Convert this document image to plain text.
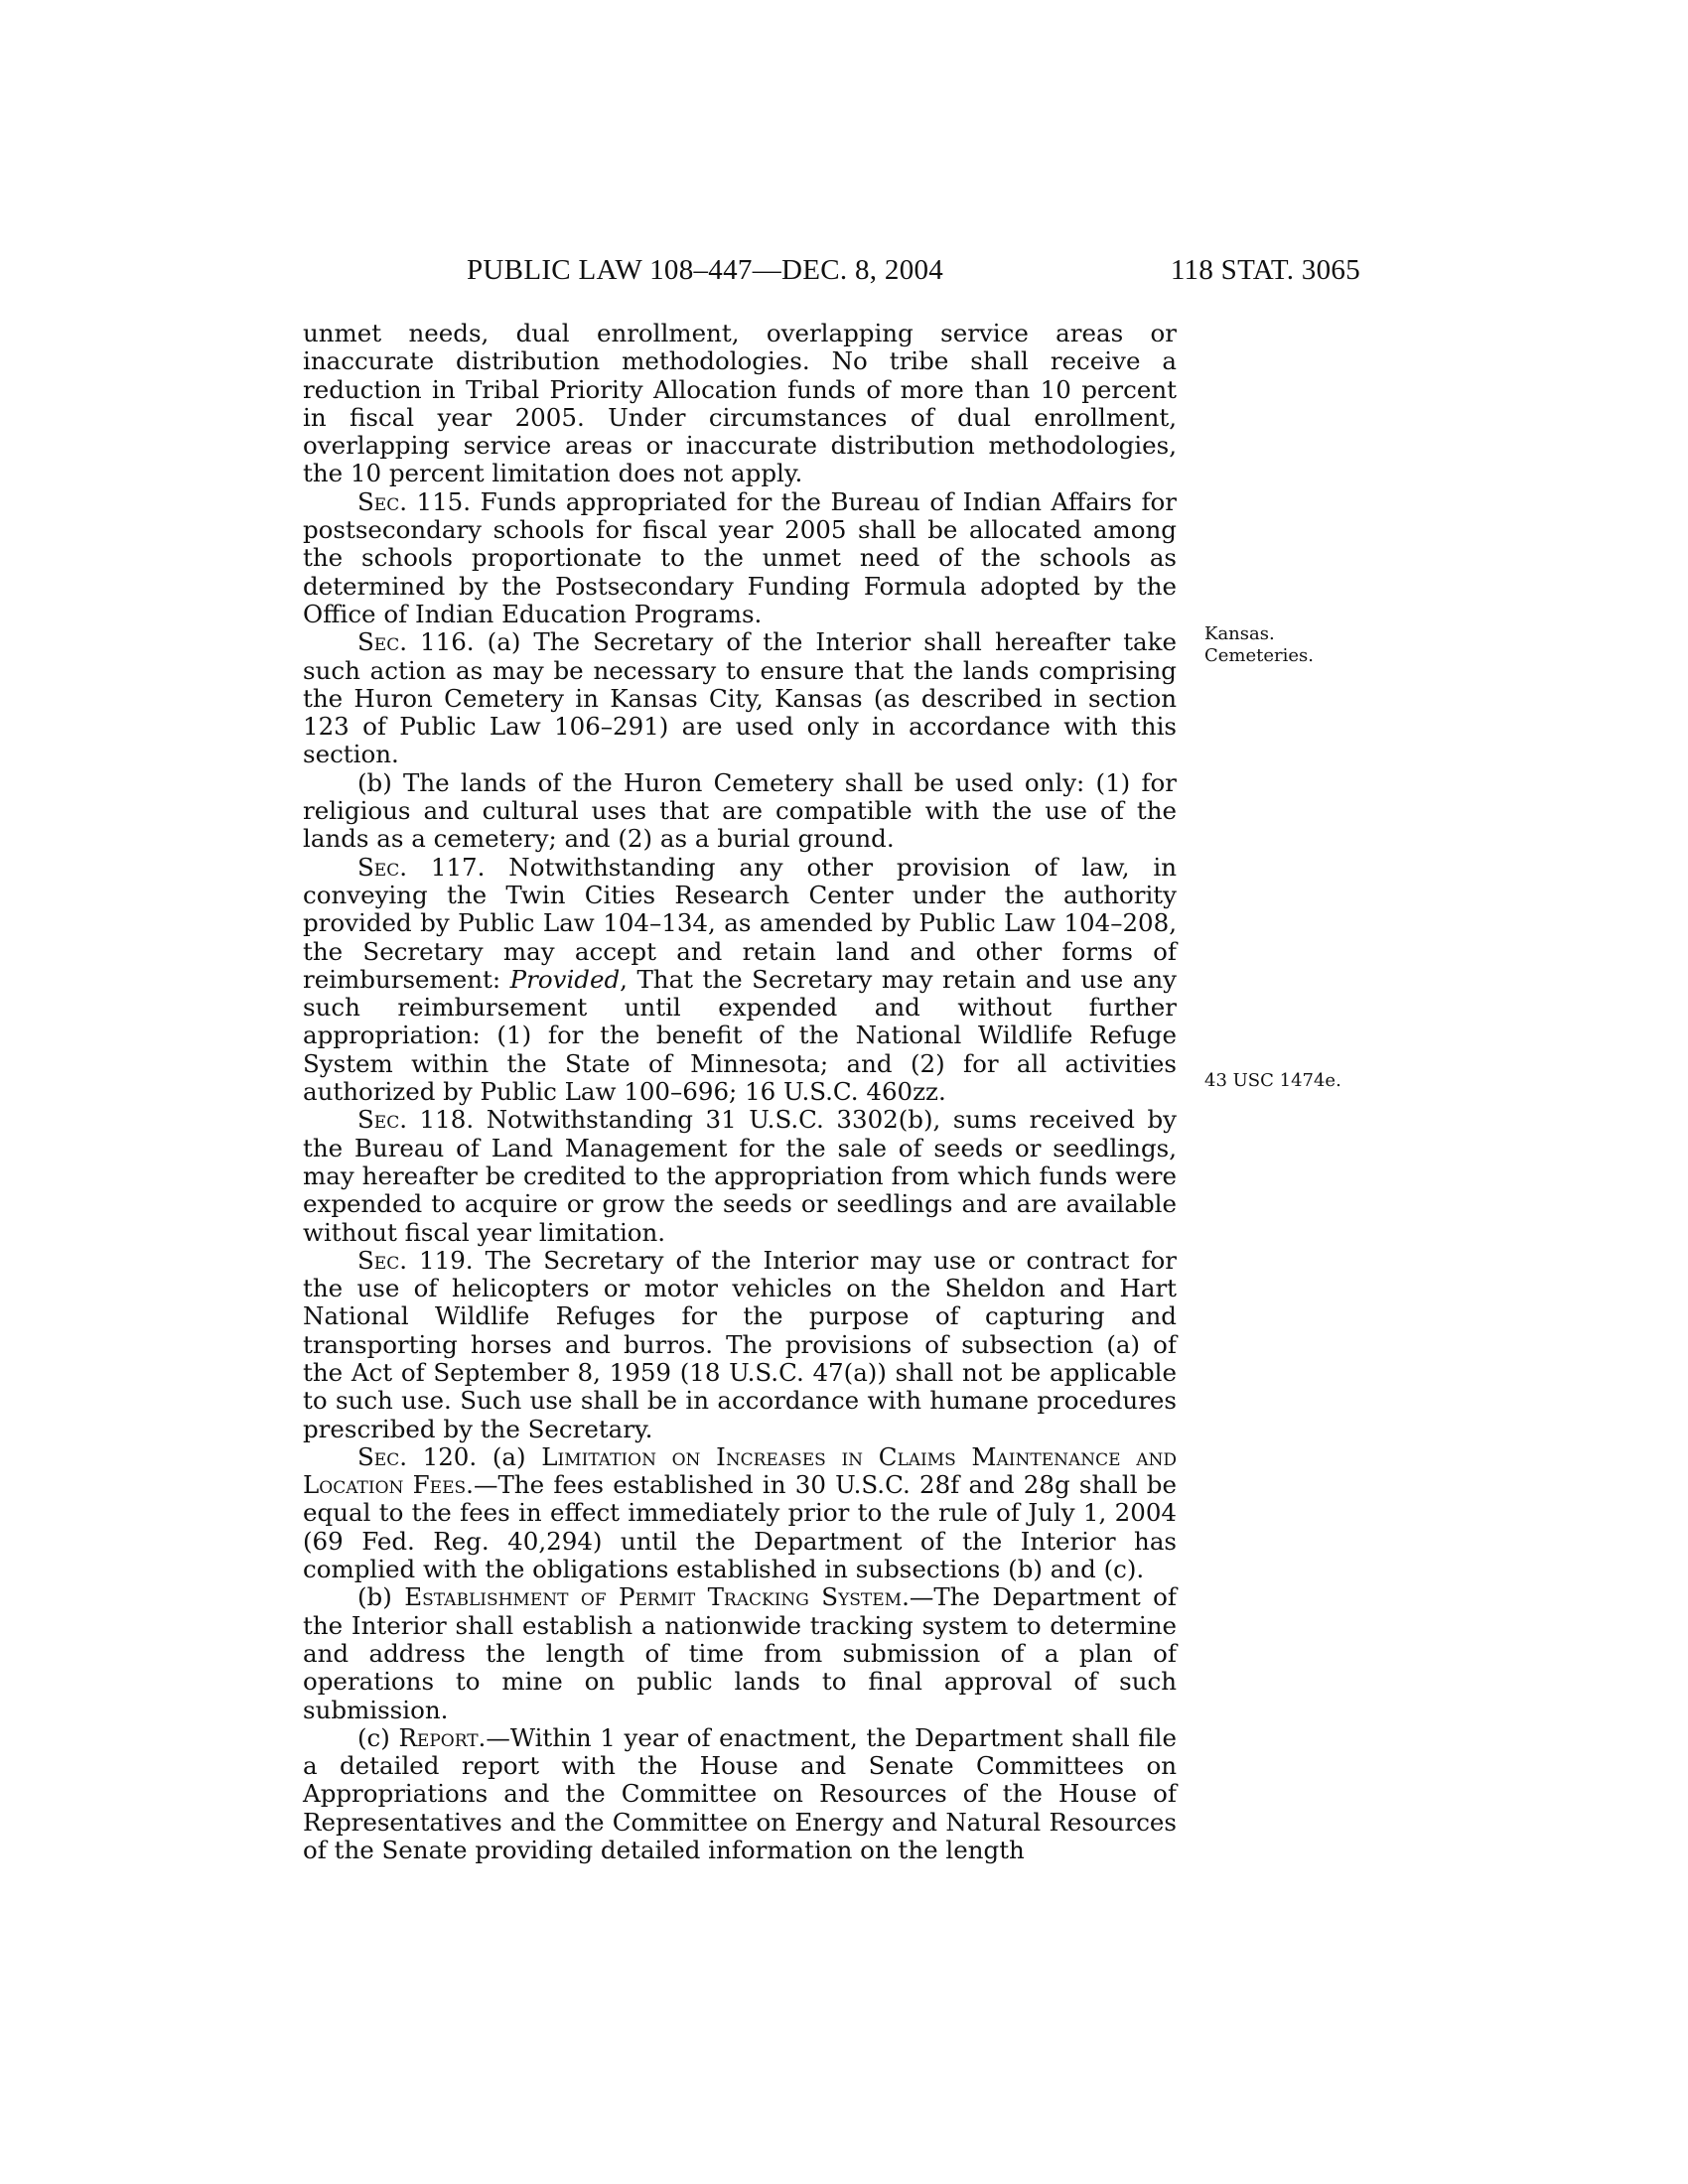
PUBLIC LAW 108–447—DEC. 8, 2004	118 STAT. 3065
Kansas.
Cemeteries.
43 USC 1474e.

unmet needs, dual enrollment, overlapping service areas or inaccurate distribution methodologies. No tribe shall receive a reduction in Tribal Priority Allocation funds of more than 10 percent in fiscal year 2005. Under circumstances of dual enrollment, overlapping service areas or inaccurate distribution methodologies, the 10 percent limitation does not apply.

Sec. 115. Funds appropriated for the Bureau of Indian Affairs for postsecondary schools for fiscal year 2005 shall be allocated among the schools proportionate to the unmet need of the schools as determined by the Postsecondary Funding Formula adopted by the Office of Indian Education Programs.

Sec. 116. (a) The Secretary of the Interior shall hereafter take such action as may be necessary to ensure that the lands comprising the Huron Cemetery in Kansas City, Kansas (as described in section 123 of Public Law 106–291) are used only in accordance with this section.

(b) The lands of the Huron Cemetery shall be used only: (1) for religious and cultural uses that are compatible with the use of the lands as a cemetery; and (2) as a burial ground.

Sec. 117. Notwithstanding any other provision of law, in conveying the Twin Cities Research Center under the authority provided by Public Law 104–134, as amended by Public Law 104–208, the Secretary may accept and retain land and other forms of reimbursement: Provided, That the Secretary may retain and use any such reimbursement until expended and without further appropriation: (1) for the benefit of the National Wildlife Refuge System within the State of Minnesota; and (2) for all activities authorized by Public Law 100–696; 16 U.S.C. 460zz.

Sec. 118. Notwithstanding 31 U.S.C. 3302(b), sums received by the Bureau of Land Management for the sale of seeds or seedlings, may hereafter be credited to the appropriation from which funds were expended to acquire or grow the seeds or seedlings and are available without fiscal year limitation.

Sec. 119. The Secretary of the Interior may use or contract for the use of helicopters or motor vehicles on the Sheldon and Hart National Wildlife Refuges for the purpose of capturing and transporting horses and burros. The provisions of subsection (a) of the Act of September 8, 1959 (18 U.S.C. 47(a)) shall not be applicable to such use. Such use shall be in accordance with humane procedures prescribed by the Secretary.

Sec. 120. (a) Limitation on Increases in Claims Maintenance and Location Fees.—The fees established in 30 U.S.C. 28f and 28g shall be equal to the fees in effect immediately prior to the rule of July 1, 2004 (69 Fed. Reg. 40,294) until the Department of the Interior has complied with the obligations established in subsections (b) and (c).

(b) Establishment of Permit Tracking System.—The Department of the Interior shall establish a nationwide tracking system to determine and address the length of time from submission of a plan of operations to mine on public lands to final approval of such submission.

(c) Report.—Within 1 year of enactment, the Department shall file a detailed report with the House and Senate Committees on Appropriations and the Committee on Resources of the House of Representatives and the Committee on Energy and Natural Resources of the Senate providing detailed information on the length
